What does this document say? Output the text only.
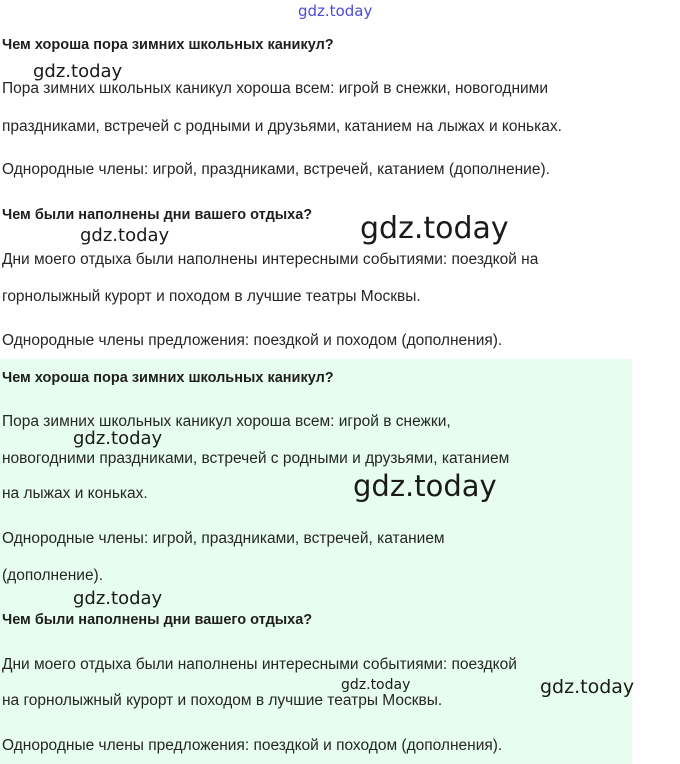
Чем хороша пора зимних школьных каникул?
Пора зимних школьных каникул хороша всем: игрой в снежки, новогодними
праздниками, встречей с родными и друзьями, катанием на лыжах и коньках.
Однородные члены: игрой, праздниками, встречей, катанием (дополнение).
Чем были наполнены дни вашего отдыха?
Дни моего отдыха были наполнены интересными событиями: поездкой на
горнолыжный курорт и походом в лучшие театры Москвы.
Однородные члены предложения: поездкой и походом (дополнения).
Чем хороша пора зимних школьных каникул?
Пора зимних школьных каникул хороша всем: игрой в снежки,
новогодними праздниками, встречей с родными и друзьями, катанием
на лыжах и коньках.
Однородные члены: игрой, праздниками, встречей, катанием
(дополнение).
Чем были наполнены дни вашего отдыха?
Дни моего отдыха были наполнены интересными событиями: поездкой
на горнолыжный курорт и походом в лучшие театры Москвы.
Однородные члены предложения: поездкой и походом (дополнения).
gdz.today
gdz.today
gdz.today
gdz.today
gdz.today
gdz.today
gdz.today
gdz.today	gdz.today
